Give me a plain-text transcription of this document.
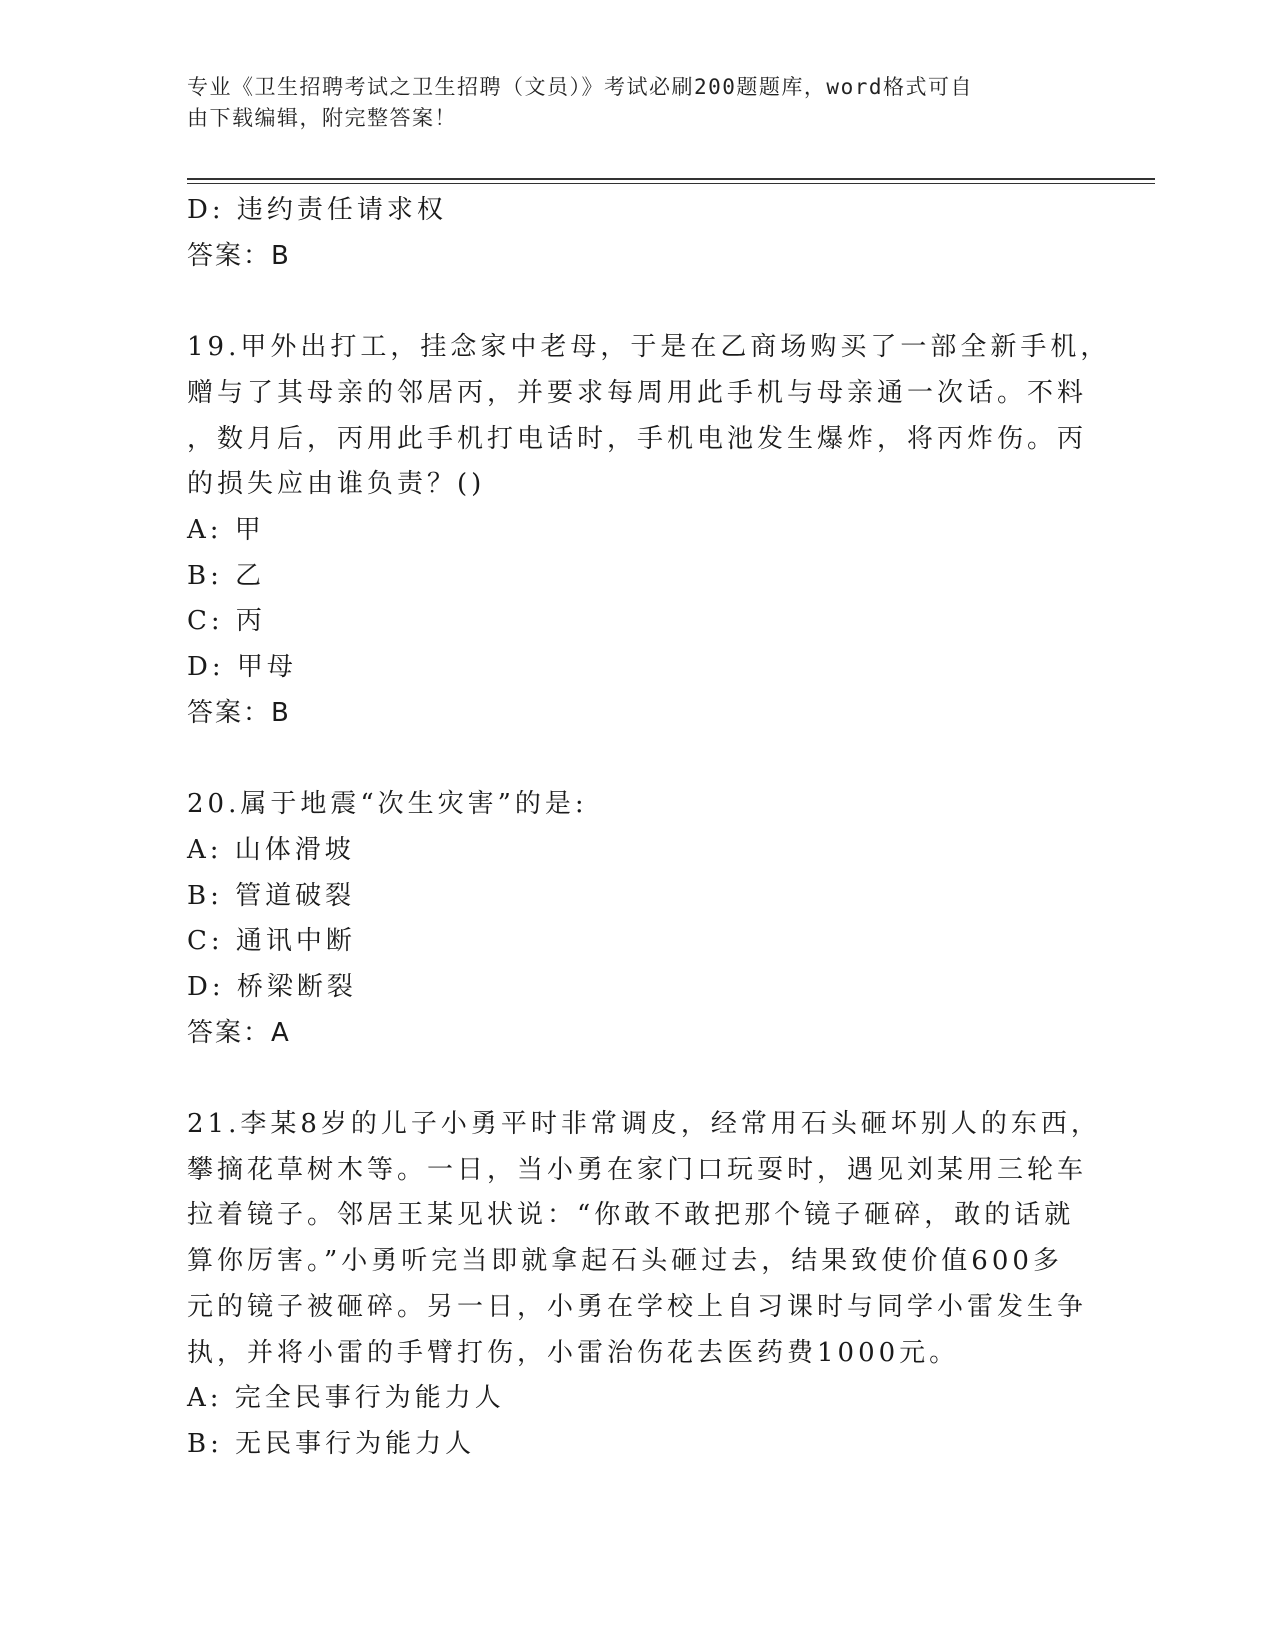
专业《卫生招聘考试之卫生招聘（文员）》考试必刷200题题库，word格式可自
由下载编辑，附完整答案！
D: 违约责任请求权
答案：B
19.甲外出打工，挂念家中老母，于是在乙商场购买了一部全新手机，
赠与了其母亲的邻居丙，并要求每周用此手机与母亲通一次话。不料
，数月后，丙用此手机打电话时，手机电池发生爆炸，将丙炸伤。丙
的损失应由谁负责？()
A: 甲
B: 乙
C: 丙
D: 甲母
答案：B
20.属于地震“次生灾害”的是:
A: 山体滑坡
B: 管道破裂
C: 通讯中断
D: 桥梁断裂
答案：A
21.李某8岁的儿子小勇平时非常调皮，经常用石头砸坏别人的东西，
攀摘花草树木等。一日，当小勇在家门口玩耍时，遇见刘某用三轮车
拉着镜子。邻居王某见状说：“你敢不敢把那个镜子砸碎，敢的话就
算你厉害。”小勇听完当即就拿起石头砸过去，结果致使价值600多
元的镜子被砸碎。另一日，小勇在学校上自习课时与同学小雷发生争
执，并将小雷的手臂打伤，小雷治伤花去医药费1000元。
A: 完全民事行为能力人
B: 无民事行为能力人
